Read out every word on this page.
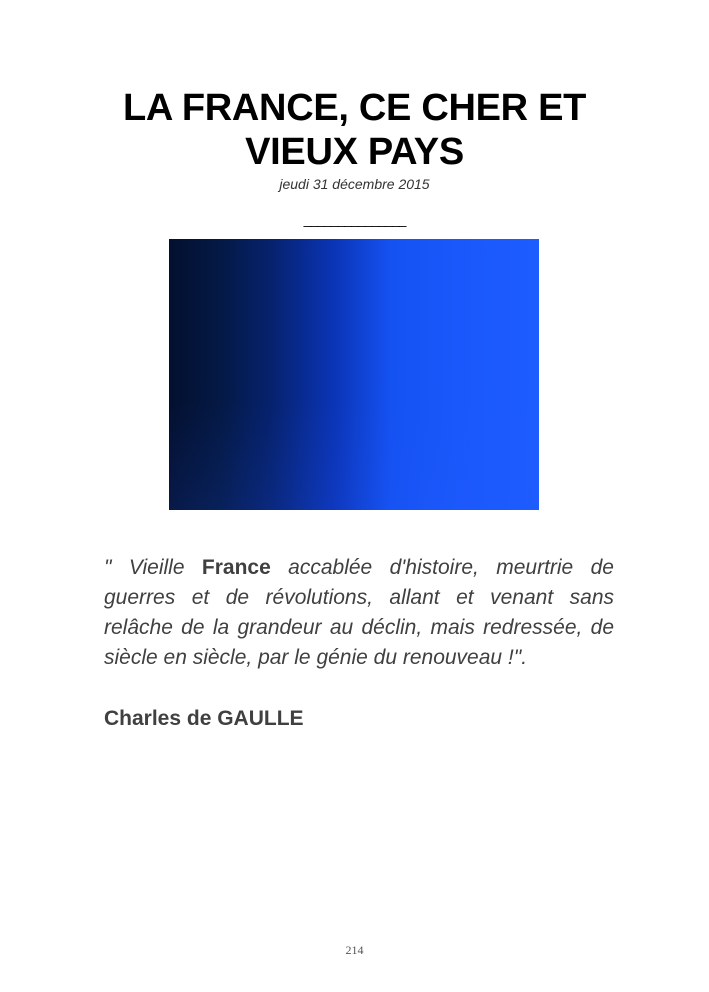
LA FRANCE, CE CHER ET
VIEUX PAYS
jeudi 31 décembre 2015
_______________

" Vieille France accablée d'histoire, meurtrie de guerres et de révolutions, allant et venant sans relâche de la grandeur au déclin, mais redressée, de siècle en siècle, par le génie du renouveau !".

Charles de GAULLE

214
